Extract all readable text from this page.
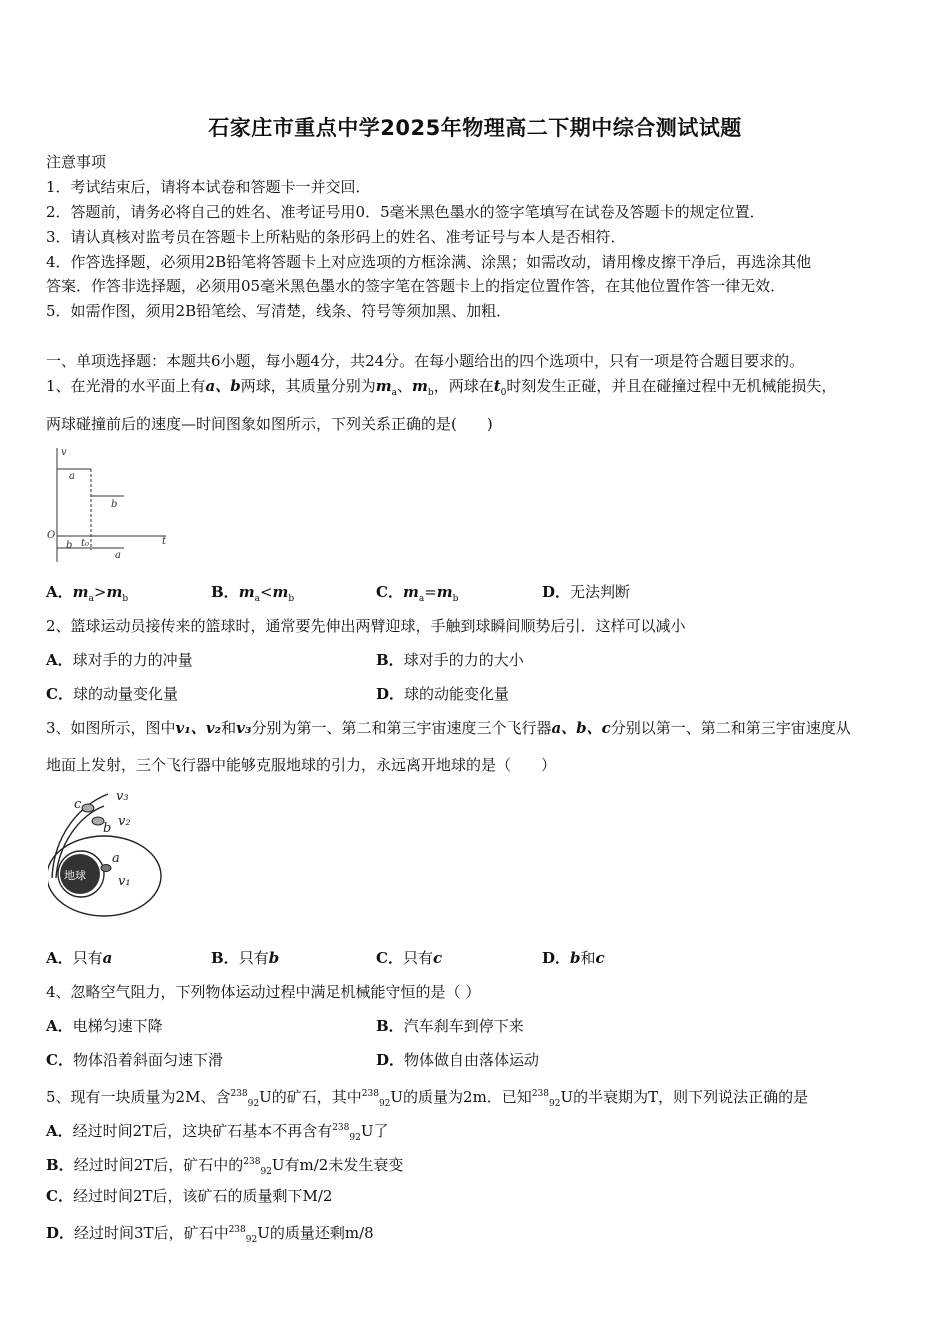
石家庄市重点中学2025年物理高二下期中综合测试试题
注意事项
1．考试结束后，请将本试卷和答题卡一并交回．
2．答题前，请务必将自己的姓名、准考证号用0．5毫米黑色墨水的签字笔填写在试卷及答题卡的规定位置．
3．请认真核对监考员在答题卡上所粘贴的条形码上的姓名、准考证号与本人是否相符．
4．作答选择题，必须用2B铅笔将答题卡上对应选项的方框涂满、涂黑；如需改动，请用橡皮擦干净后，再选涂其他
答案．作答非选择题，必须用05毫米黑色墨水的签字笔在答题卡上的指定位置作答，在其他位置作答一律无效．
5．如需作图，须用2B铅笔绘、写清楚，线条、符号等须加黑、加粗．
一、单项选择题：本题共6小题，每小题4分，共24分。在每小题给出的四个选项中，只有一项是符合题目要求的。
1、在光滑的水平面上有a、b两球，其质量分别为$m_a$、$m_b$，两球在$t_0$时刻发生正碰，并且在碰撞过程中无机械能损失，
两球碰撞前后的速度—时间图象如图所示，下列关系正确的是(　　)
v
t
O
a
b
b t₀
a
A．$m_a>m_b$	B．$m_a<m_b$	C．$m_a=m_b$	D．无法判断
2、篮球运动员接传来的篮球时，通常要先伸出两臂迎球，手触到球瞬间顺势后引．这样可以减小
A．球对手的力的冲量	B．球对手的力的大小
C．球的动量变化量	D．球的动能变化量
3、如图所示，图中v₁、v₂和v₃分别为第一、第二和第三宇宙速度三个飞行器a、b、c分别以第一、第二和第三宇宙速度从
地面上发射，三个飞行器中能够克服地球的引力，永远离开地球的是（　　）
地球
c
b
a
v₁
v₂
v₃
A．只有a	B．只有b	C．只有c	D．b和c
4、忽略空气阻力，下列物体运动过程中满足机械能守恒的是（ ）
A．电梯匀速下降	B．汽车刹车到停下来
C．物体沿着斜面匀速下滑	D．物体做自由落体运动
5、现有一块质量为2M、含$^{238}_{92}$U的矿石，其中$^{238}_{92}$U的质量为2m．已知$^{238}_{92}$U的半衰期为T，则下列说法正确的是
A．经过时间2T后，这块矿石基本不再含有$^{238}_{92}$U了
B．经过时间2T后，矿石中的$^{238}_{92}$U有m/2未发生衰变
C．经过时间2T后，该矿石的质量剩下M/2
D．经过时间3T后，矿石中$^{238}_{92}$U的质量还剩m/8
